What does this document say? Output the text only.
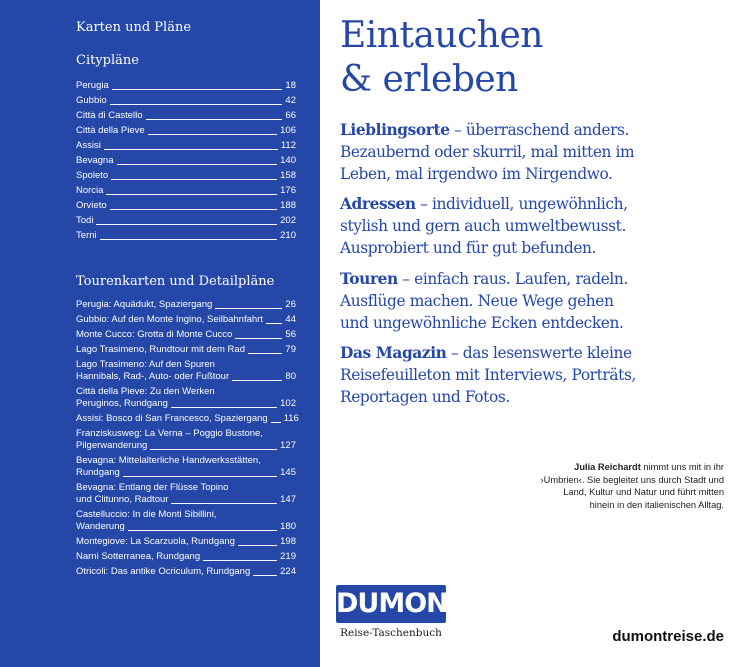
Karten und Pläne
Citypläne
Perugia	18
Gubbio	42
Città di Castello	66
Città della Pieve	106
Assisi	112
Bevagna	140
Spoleto	158
Norcia	176
Orvieto	188
Todi	202
Terni	210
Tourenkarten und Detailpläne
Perugia: Aquädukt, Spaziergang	26
Gubbio: Auf den Monte Ingino, Seilbahnfahrt 44
Monte Cucco: Grotta di Monte Cucco	56
Lago Trasimeno, Rundtour mit dem Rad	79
Lago Trasimeno: Auf den Spuren
Hannibals, Rad-, Auto- oder Fußtour	80
Città della Pieve: Zu den Werken
Peruginos, Rundgang	102
Assisi: Bosco di San Francesco, Spaziergang 116
Franziskusweg: La Verna – Poggio Bustone,
Pilgerwanderung	127
Bevagna: Mittelalterliche Handwerksstätten,
Rundgang	145
Bevagna: Entlang der Flüsse Topino
und Clitunno, Radtour	147
Castelluccio: In die Monti Sibillini,
Wanderung	180
Montegiove: La Scarzuola, Rundgang	198
Narni Sotterranea, Rundgang	219
Otricoli: Das antike Ocriculum, Rundgang	224
Eintauchen
& erleben
Lieblingsorte – überraschend anders. Bezaubernd oder skurril, mal mitten im Leben, mal irgendwo im Nirgendwo.
Adressen – individuell, ungewöhnlich, stylish und gern auch umweltbewusst. Ausprobiert und für gut befunden.
Touren – einfach raus. Laufen, radeln. Ausflüge machen. Neue Wege gehen und ungewöhnliche Ecken entdecken.
Das Magazin – das lesenswerte kleine Reisefeuilleton mit Interviews, Porträts, Reportagen und Fotos.
Julia Reichardt nimmt uns mit in ihr ›Umbrien‹. Sie begleitet uns durch Stadt und Land, Kultur und Natur und führt mitten hinein in den italienischen Alltag.
DUMONT
Reise-Taschenbuch	dumontreise.de
